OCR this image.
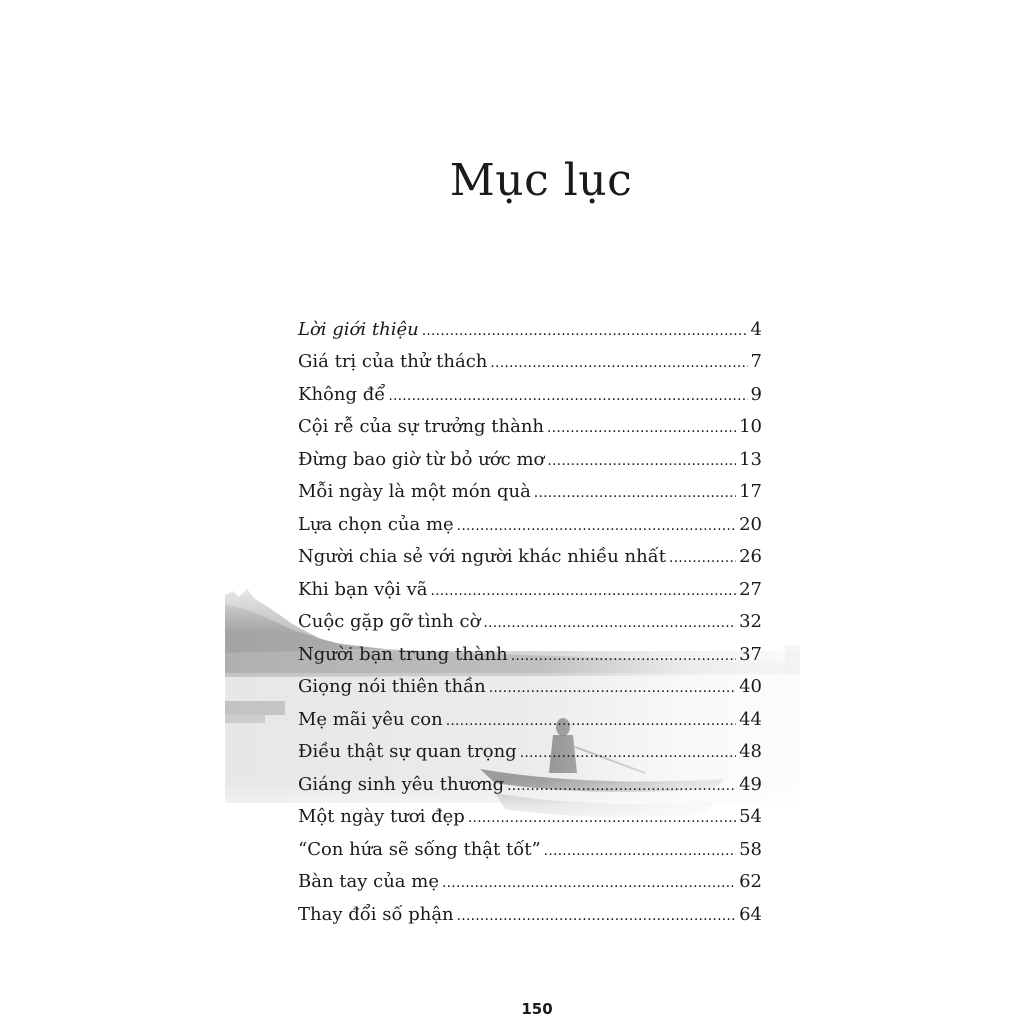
Mục lục
Lời giới thiệu .....	4
Giá trị của thử thách .....	7
Không để .....	9
Cội rễ của sự trưởng thành .....	10
Đừng bao giờ từ bỏ ước mơ .....	13
Mỗi ngày là một món quà .....	17
Lựa chọn của mẹ .....	20
Người chia sẻ với người khác nhiều nhất .....	26
Khi bạn vội vã .....	27
Cuộc gặp gỡ tình cờ .....	32
Người bạn trung thành .....	37
Giọng nói thiên thần .....	40
Mẹ mãi yêu con .....	44
Điều thật sự quan trọng .....	48
Giáng sinh yêu thương .....	49
Một ngày tươi đẹp .....	54
“Con hứa sẽ sống thật tốt” .....	58
Bàn tay của mẹ .....	62
Thay đổi số phận .....	64
150
